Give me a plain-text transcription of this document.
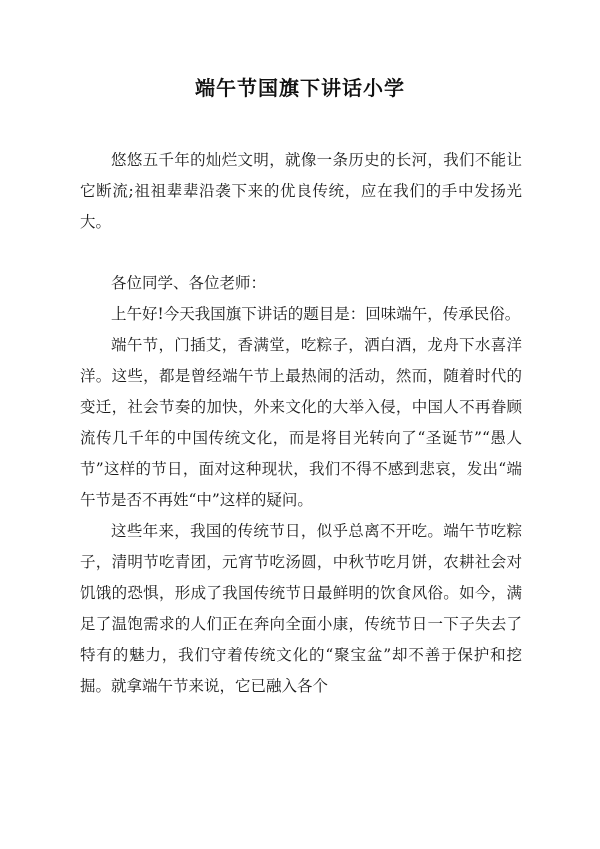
端午节国旗下讲话小学

悠悠五千年的灿烂文明，就像一条历史的长河，我们不能让它断流;祖祖辈辈沿袭下来的优良传统，应在我们的手中发扬光大。

各位同学、各位老师：

上午好!今天我国旗下讲话的题目是：回味端午，传承民俗。

端午节，门插艾，香满堂，吃粽子，洒白酒，龙舟下水喜洋洋。这些，都是曾经端午节上最热闹的活动，然而，随着时代的变迁，社会节奏的加快，外来文化的大举入侵，中国人不再眷顾流传几千年的中国传统文化，而是将目光转向了“圣诞节”“愚人节”这样的节日，面对这种现状，我们不得不感到悲哀，发出“端午节是否不再姓“中”这样的疑问。

这些年来，我国的传统节日，似乎总离不开吃。端午节吃粽子，清明节吃青团，元宵节吃汤圆，中秋节吃月饼，农耕社会对饥饿的恐惧，形成了我国传统节日最鲜明的饮食风俗。如今，满足了温饱需求的人们正在奔向全面小康，传统节日一下子失去了特有的魅力，我们守着传统文化的“聚宝盆”却不善于保护和挖掘。就拿端午节来说，它已融入各个
